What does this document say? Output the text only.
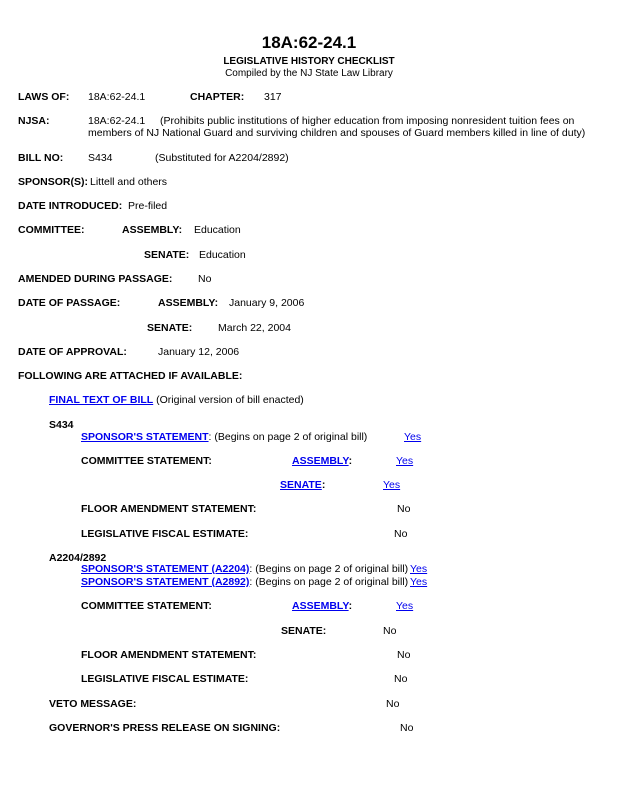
18A:62-24.1
LEGISLATIVE HISTORY CHECKLIST
Compiled by the NJ State Law Library
LAWS OF: 18A:62-24.1	CHAPTER: 317
NJSA:	18A:62-24.1	(Prohibits public institutions of higher education from imposing nonresident tuition fees on members of NJ National Guard and surviving children and spouses of Guard members killed in line of duty)
BILL NO: S434	(Substituted for A2204/2892)
SPONSOR(S): Littell and others
DATE INTRODUCED: Pre-filed
COMMITTEE:	ASSEMBLY: Education
SENATE: Education
AMENDED DURING PASSAGE: No
DATE OF PASSAGE:	ASSEMBLY: January 9, 2006
SENATE: March 22, 2004
DATE OF APPROVAL:	January 12, 2006
FOLLOWING ARE ATTACHED IF AVAILABLE:
FINAL TEXT OF BILL (Original version of bill enacted)
S434
SPONSOR'S STATEMENT: (Begins on page 2 of original bill)	Yes
COMMITTEE STATEMENT:	ASSEMBLY:	Yes
SENATE:	Yes
FLOOR AMENDMENT STATEMENT:	No
LEGISLATIVE FISCAL ESTIMATE:	No
A2204/2892
SPONSOR'S STATEMENT (A2204): (Begins on page 2 of original bill) Yes
SPONSOR'S STATEMENT (A2892): (Begins on page 2 of original bill) Yes
COMMITTEE STATEMENT:	ASSEMBLY:	Yes
SENATE:	No
FLOOR AMENDMENT STATEMENT:	No
LEGISLATIVE FISCAL ESTIMATE:	No
VETO MESSAGE:	No
GOVERNOR'S PRESS RELEASE ON SIGNING:	No
